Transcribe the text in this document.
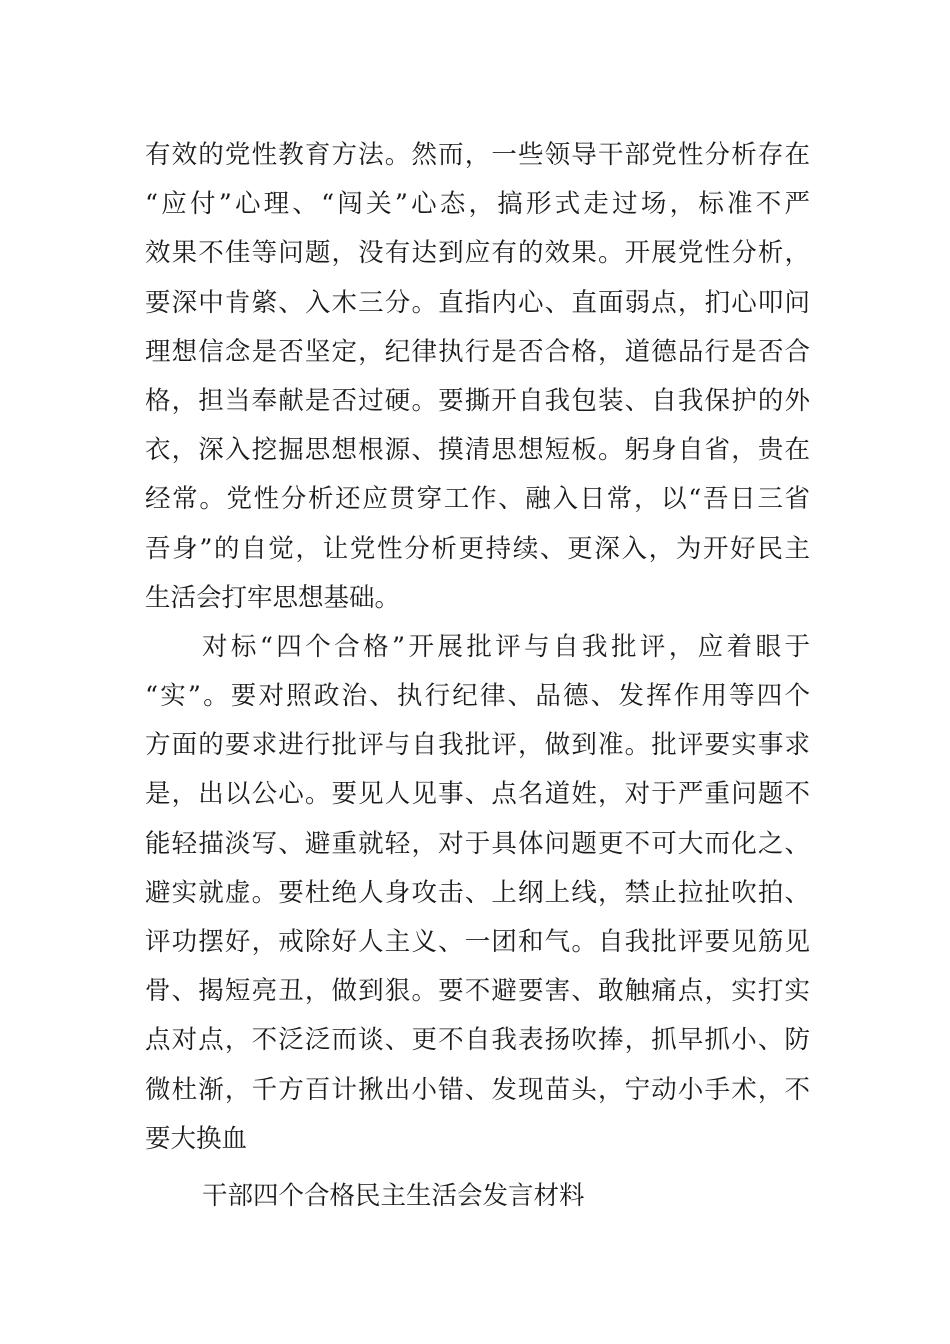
有效的党性教育方法。然而，一些领导干部党性分析存在
“应付”心理、“闯关”心态，搞形式走过场，标准不严
效果不佳等问题，没有达到应有的效果。开展党性分析，
要深中肯綮、入木三分。直指内心、直面弱点，扪心叩问
理想信念是否坚定，纪律执行是否合格，道德品行是否合
格，担当奉献是否过硬。要撕开自我包装、自我保护的外
衣，深入挖掘思想根源、摸清思想短板。躬身自省，贵在
经常。党性分析还应贯穿工作、融入日常，以“吾日三省
吾身”的自觉，让党性分析更持续、更深入，为开好民主
生活会打牢思想基础。
对标“四个合格”开展批评与自我批评，应着眼于
“实”。要对照政治、执行纪律、品德、发挥作用等四个
方面的要求进行批评与自我批评，做到准。批评要实事求
是，出以公心。要见人见事、点名道姓，对于严重问题不
能轻描淡写、避重就轻，对于具体问题更不可大而化之、
避实就虚。要杜绝人身攻击、上纲上线，禁止拉扯吹拍、
评功摆好，戒除好人主义、一团和气。自我批评要见筋见
骨、揭短亮丑，做到狠。要不避要害、敢触痛点，实打实
点对点，不泛泛而谈、更不自我表扬吹捧，抓早抓小、防
微杜渐，千方百计揪出小错、发现苗头，宁动小手术，不
要大换血
干部四个合格民主生活会发言材料
